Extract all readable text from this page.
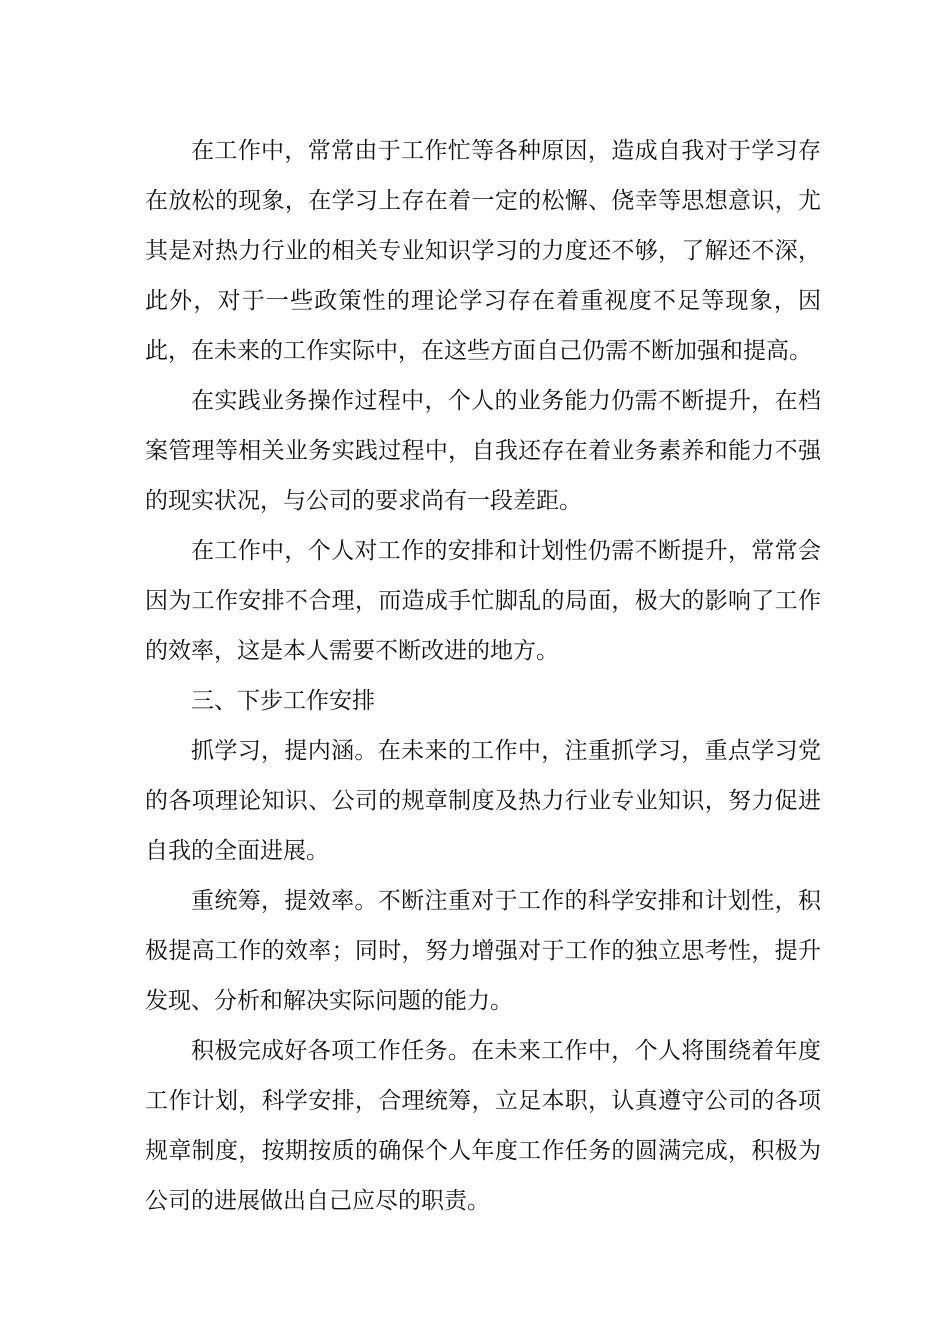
在工作中，常常由于工作忙等各种原因，造成自我对于学习存在放松的现象，在学习上存在着一定的松懈、侥幸等思想意识，尤其是对热力行业的相关专业知识学习的力度还不够，了解还不深，此外，对于一些政策性的理论学习存在着重视度不足等现象，因此，在未来的工作实际中，在这些方面自己仍需不断加强和提高。

在实践业务操作过程中，个人的业务能力仍需不断提升，在档案管理等相关业务实践过程中，自我还存在着业务素养和能力不强的现实状况，与公司的要求尚有一段差距。

在工作中，个人对工作的安排和计划性仍需不断提升，常常会因为工作安排不合理，而造成手忙脚乱的局面，极大的影响了工作的效率，这是本人需要不断改进的地方。

三、下步工作安排

抓学习，提内涵。在未来的工作中，注重抓学习，重点学习党的各项理论知识、公司的规章制度及热力行业专业知识，努力促进自我的全面进展。

重统筹，提效率。不断注重对于工作的科学安排和计划性，积极提高工作的效率；同时，努力增强对于工作的独立思考性，提升发现、分析和解决实际问题的能力。

积极完成好各项工作任务。在未来工作中，个人将围绕着年度工作计划，科学安排，合理统筹，立足本职，认真遵守公司的各项规章制度，按期按质的确保个人年度工作任务的圆满完成，积极为公司的进展做出自己应尽的职责。
